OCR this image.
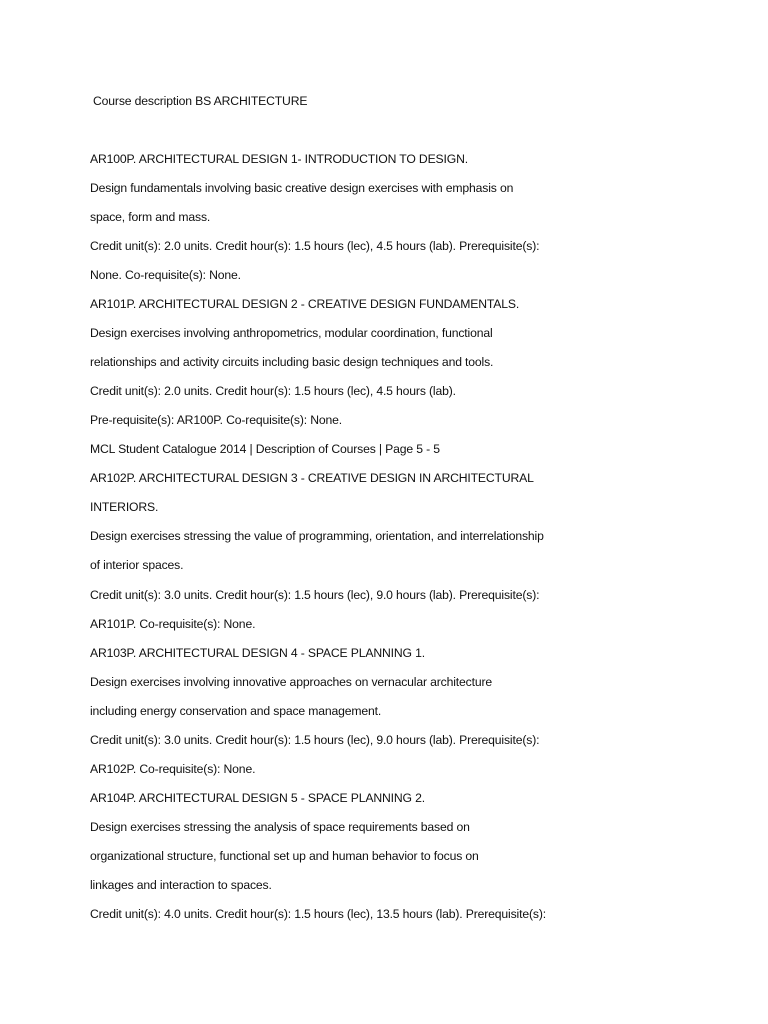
Course description BS ARCHITECTURE

AR100P. ARCHITECTURAL DESIGN 1- INTRODUCTION TO DESIGN.

Design fundamentals involving basic creative design exercises with emphasis on

space, form and mass.

Credit unit(s): 2.0 units. Credit hour(s): 1.5 hours (lec), 4.5 hours (lab). Prerequisite(s):

None. Co-requisite(s): None.

AR101P. ARCHITECTURAL DESIGN 2 - CREATIVE DESIGN FUNDAMENTALS.

Design exercises involving anthropometrics, modular coordination, functional

relationships and activity circuits including basic design techniques and tools.

Credit unit(s): 2.0 units. Credit hour(s): 1.5 hours (lec), 4.5 hours (lab).

Pre-requisite(s): AR100P. Co-requisite(s): None.

MCL Student Catalogue 2014 | Description of Courses | Page 5 - 5

AR102P. ARCHITECTURAL DESIGN 3 - CREATIVE DESIGN IN ARCHITECTURAL

INTERIORS.

Design exercises stressing the value of programming, orientation, and interrelationship

of interior spaces.

Credit unit(s): 3.0 units. Credit hour(s): 1.5 hours (lec), 9.0 hours (lab). Prerequisite(s):

AR101P. Co-requisite(s): None.

AR103P. ARCHITECTURAL DESIGN 4 - SPACE PLANNING 1.

Design exercises involving innovative approaches on vernacular architecture

including energy conservation and space management.

Credit unit(s): 3.0 units. Credit hour(s): 1.5 hours (lec), 9.0 hours (lab). Prerequisite(s):

AR102P. Co-requisite(s): None.

AR104P. ARCHITECTURAL DESIGN 5 - SPACE PLANNING 2.

Design exercises stressing the analysis of space requirements based on

organizational structure, functional set up and human behavior to focus on

linkages and interaction to spaces.

Credit unit(s): 4.0 units. Credit hour(s): 1.5 hours (lec), 13.5 hours (lab). Prerequisite(s):
